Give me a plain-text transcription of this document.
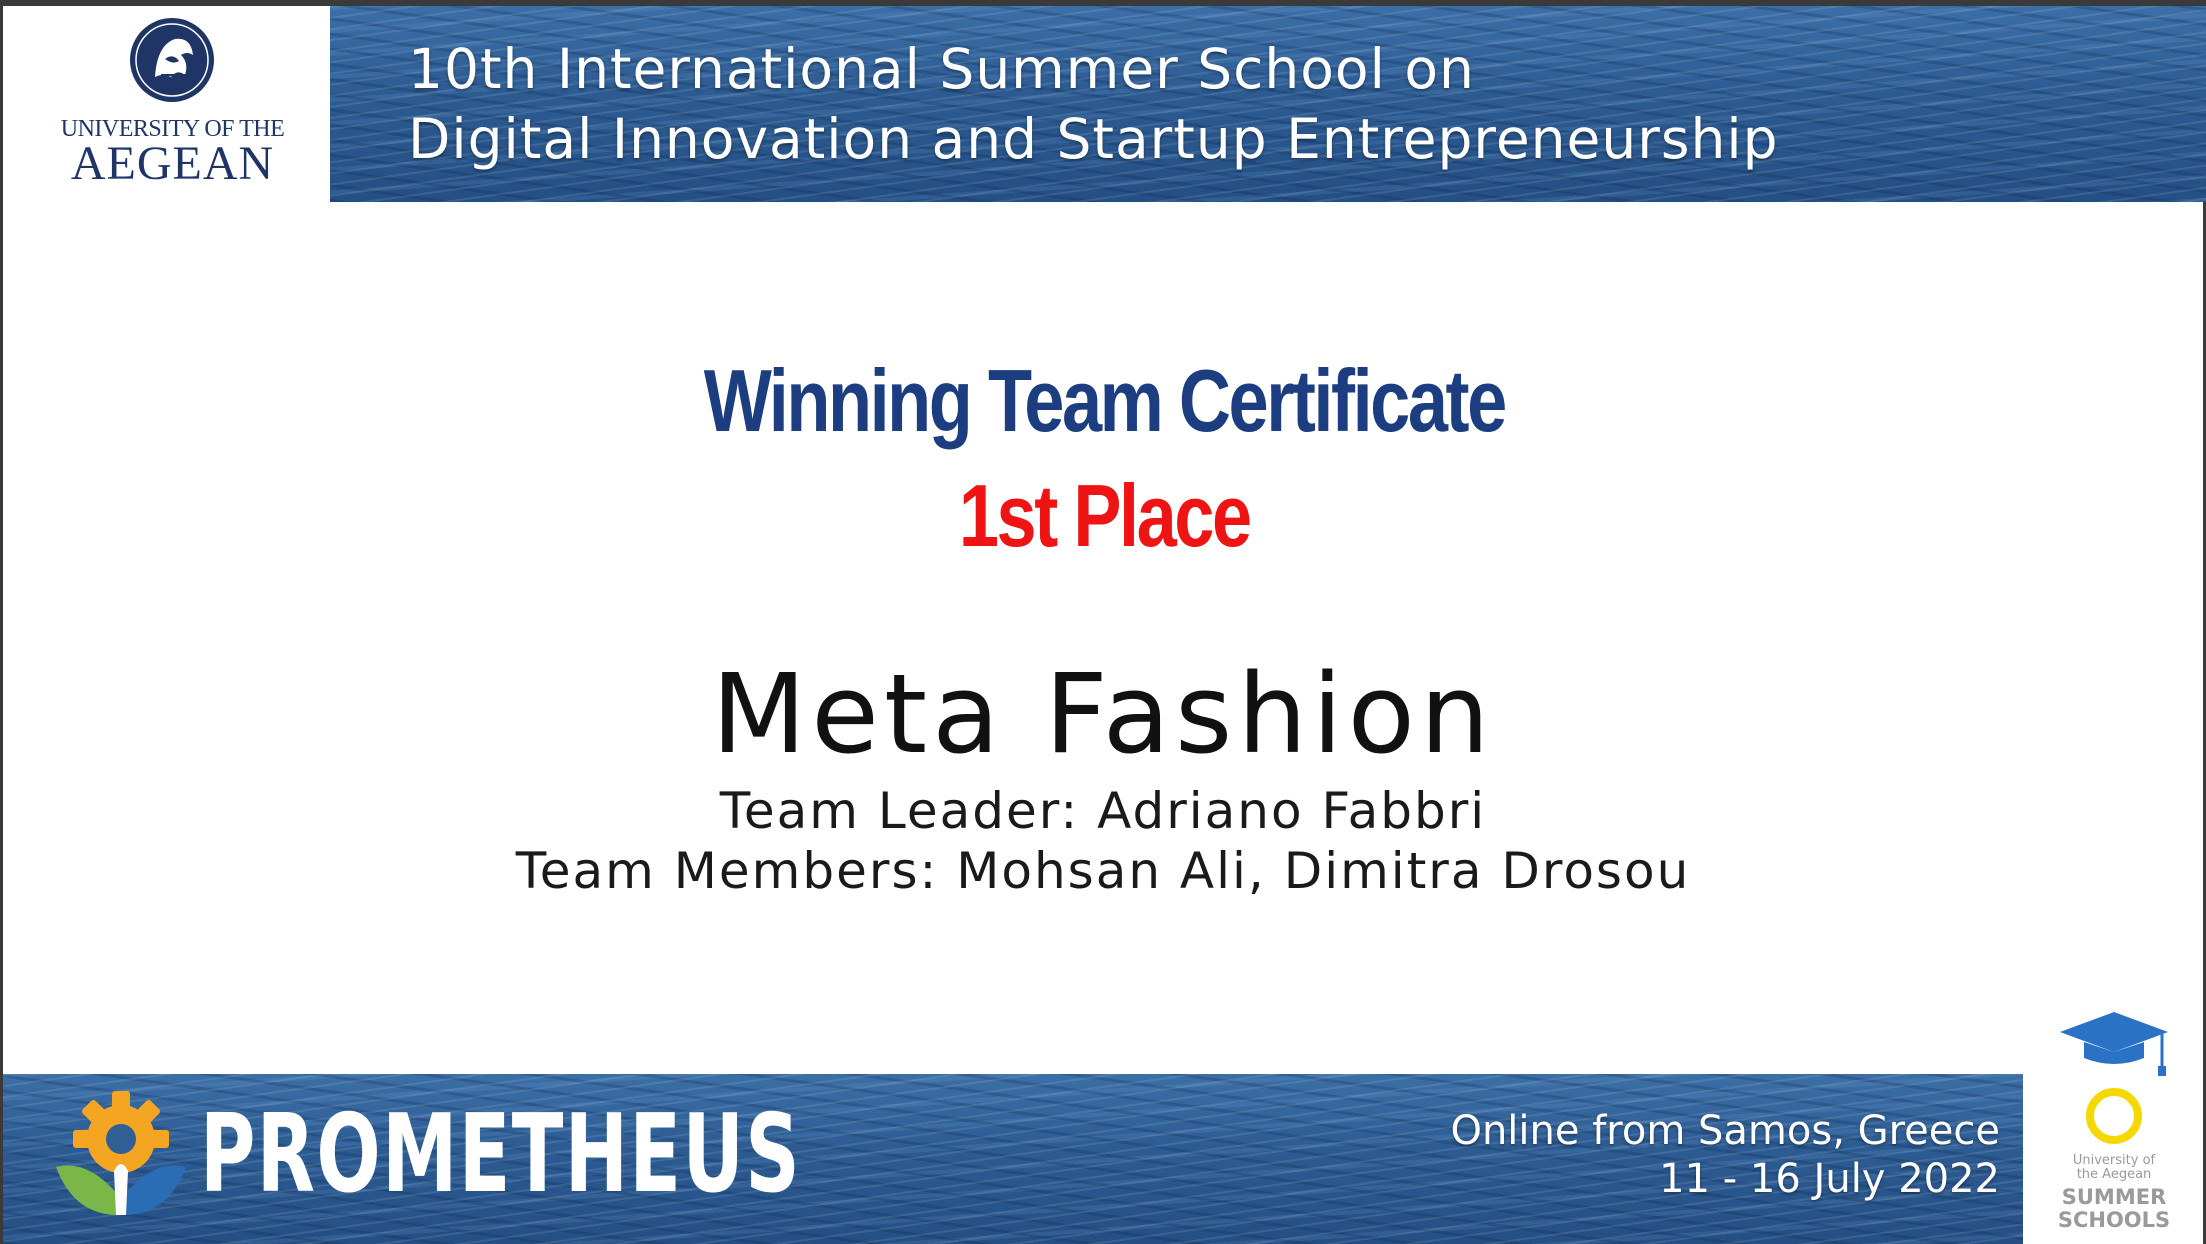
UNIVERSITY OF THE
AEGEAN
10th International Summer School on
Digital Innovation and Startup Entrepreneurship
Winning Team Certificate
1st Place
Meta Fashion
Team Leader: Adriano Fabbri
Team Members: Mohsan Ali, Dimitra Drosou
PROMETHEUS	Online from Samos, Greece
11 - 16 July 2022	University of
the Aegean
SUMMER
SCHOOLS
